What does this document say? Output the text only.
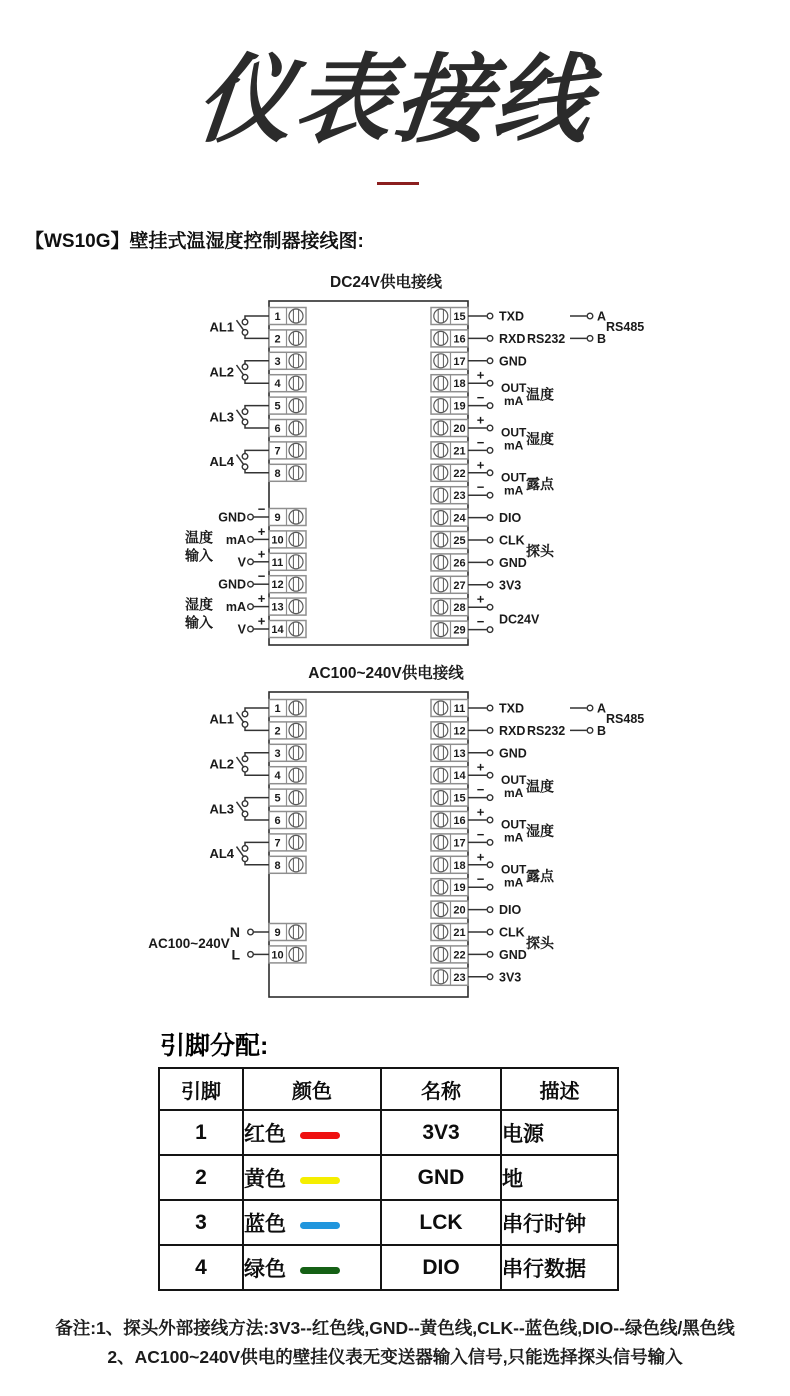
仪表接线
【WS10G】壁挂式温湿度控制器接线图:
DC24V供电接线
1
2
3
4
5
6
7
8
9
10
11
12
13
14
15
16
17
18
19
20
21
22
23
24
25
26
27
28
29
AL1
AL2
AL3
AL4
−
GND
+
mA
+
V
温度
输入
−
GND
+
mA
+
V
湿度
输入
TXD
RXD RS232
GND
+
−
OUT
mA 温度
+
−
OUT
mA 湿度
+
−
OUT
mA 露点
DIO
CLK
GND
3V3
+
− DC24V
探头
A
B
RS485
AC100~240V供电接线
1
2
3
4
5
6
7
8
9
10
11
12
13
14
15
16
17
18
19
20
21
22
23
AL1
AL2
AL3
AL4
N
L
AC100~240V
TXD
RXD RS232
GND
+
−
OUT
mA 温度
+
−
OUT
mA 湿度
+
−
OUT
mA 露点
DIO
CLK
GND
3V3
探头
A
B
RS485
引脚分配:
引脚	颜色	名称	描述
1	红色	3V3	电源
2	黄色	GND	地
3	蓝色	LCK	串行时钟
4	绿色	DIO	串行数据
备注:1、探头外部接线方法:3V3--红色线,GND--黄色线,CLK--蓝色线,DIO--绿色线/黑色线
2、AC100~240V供电的壁挂仪表无变送器输入信号,只能选择探头信号输入
